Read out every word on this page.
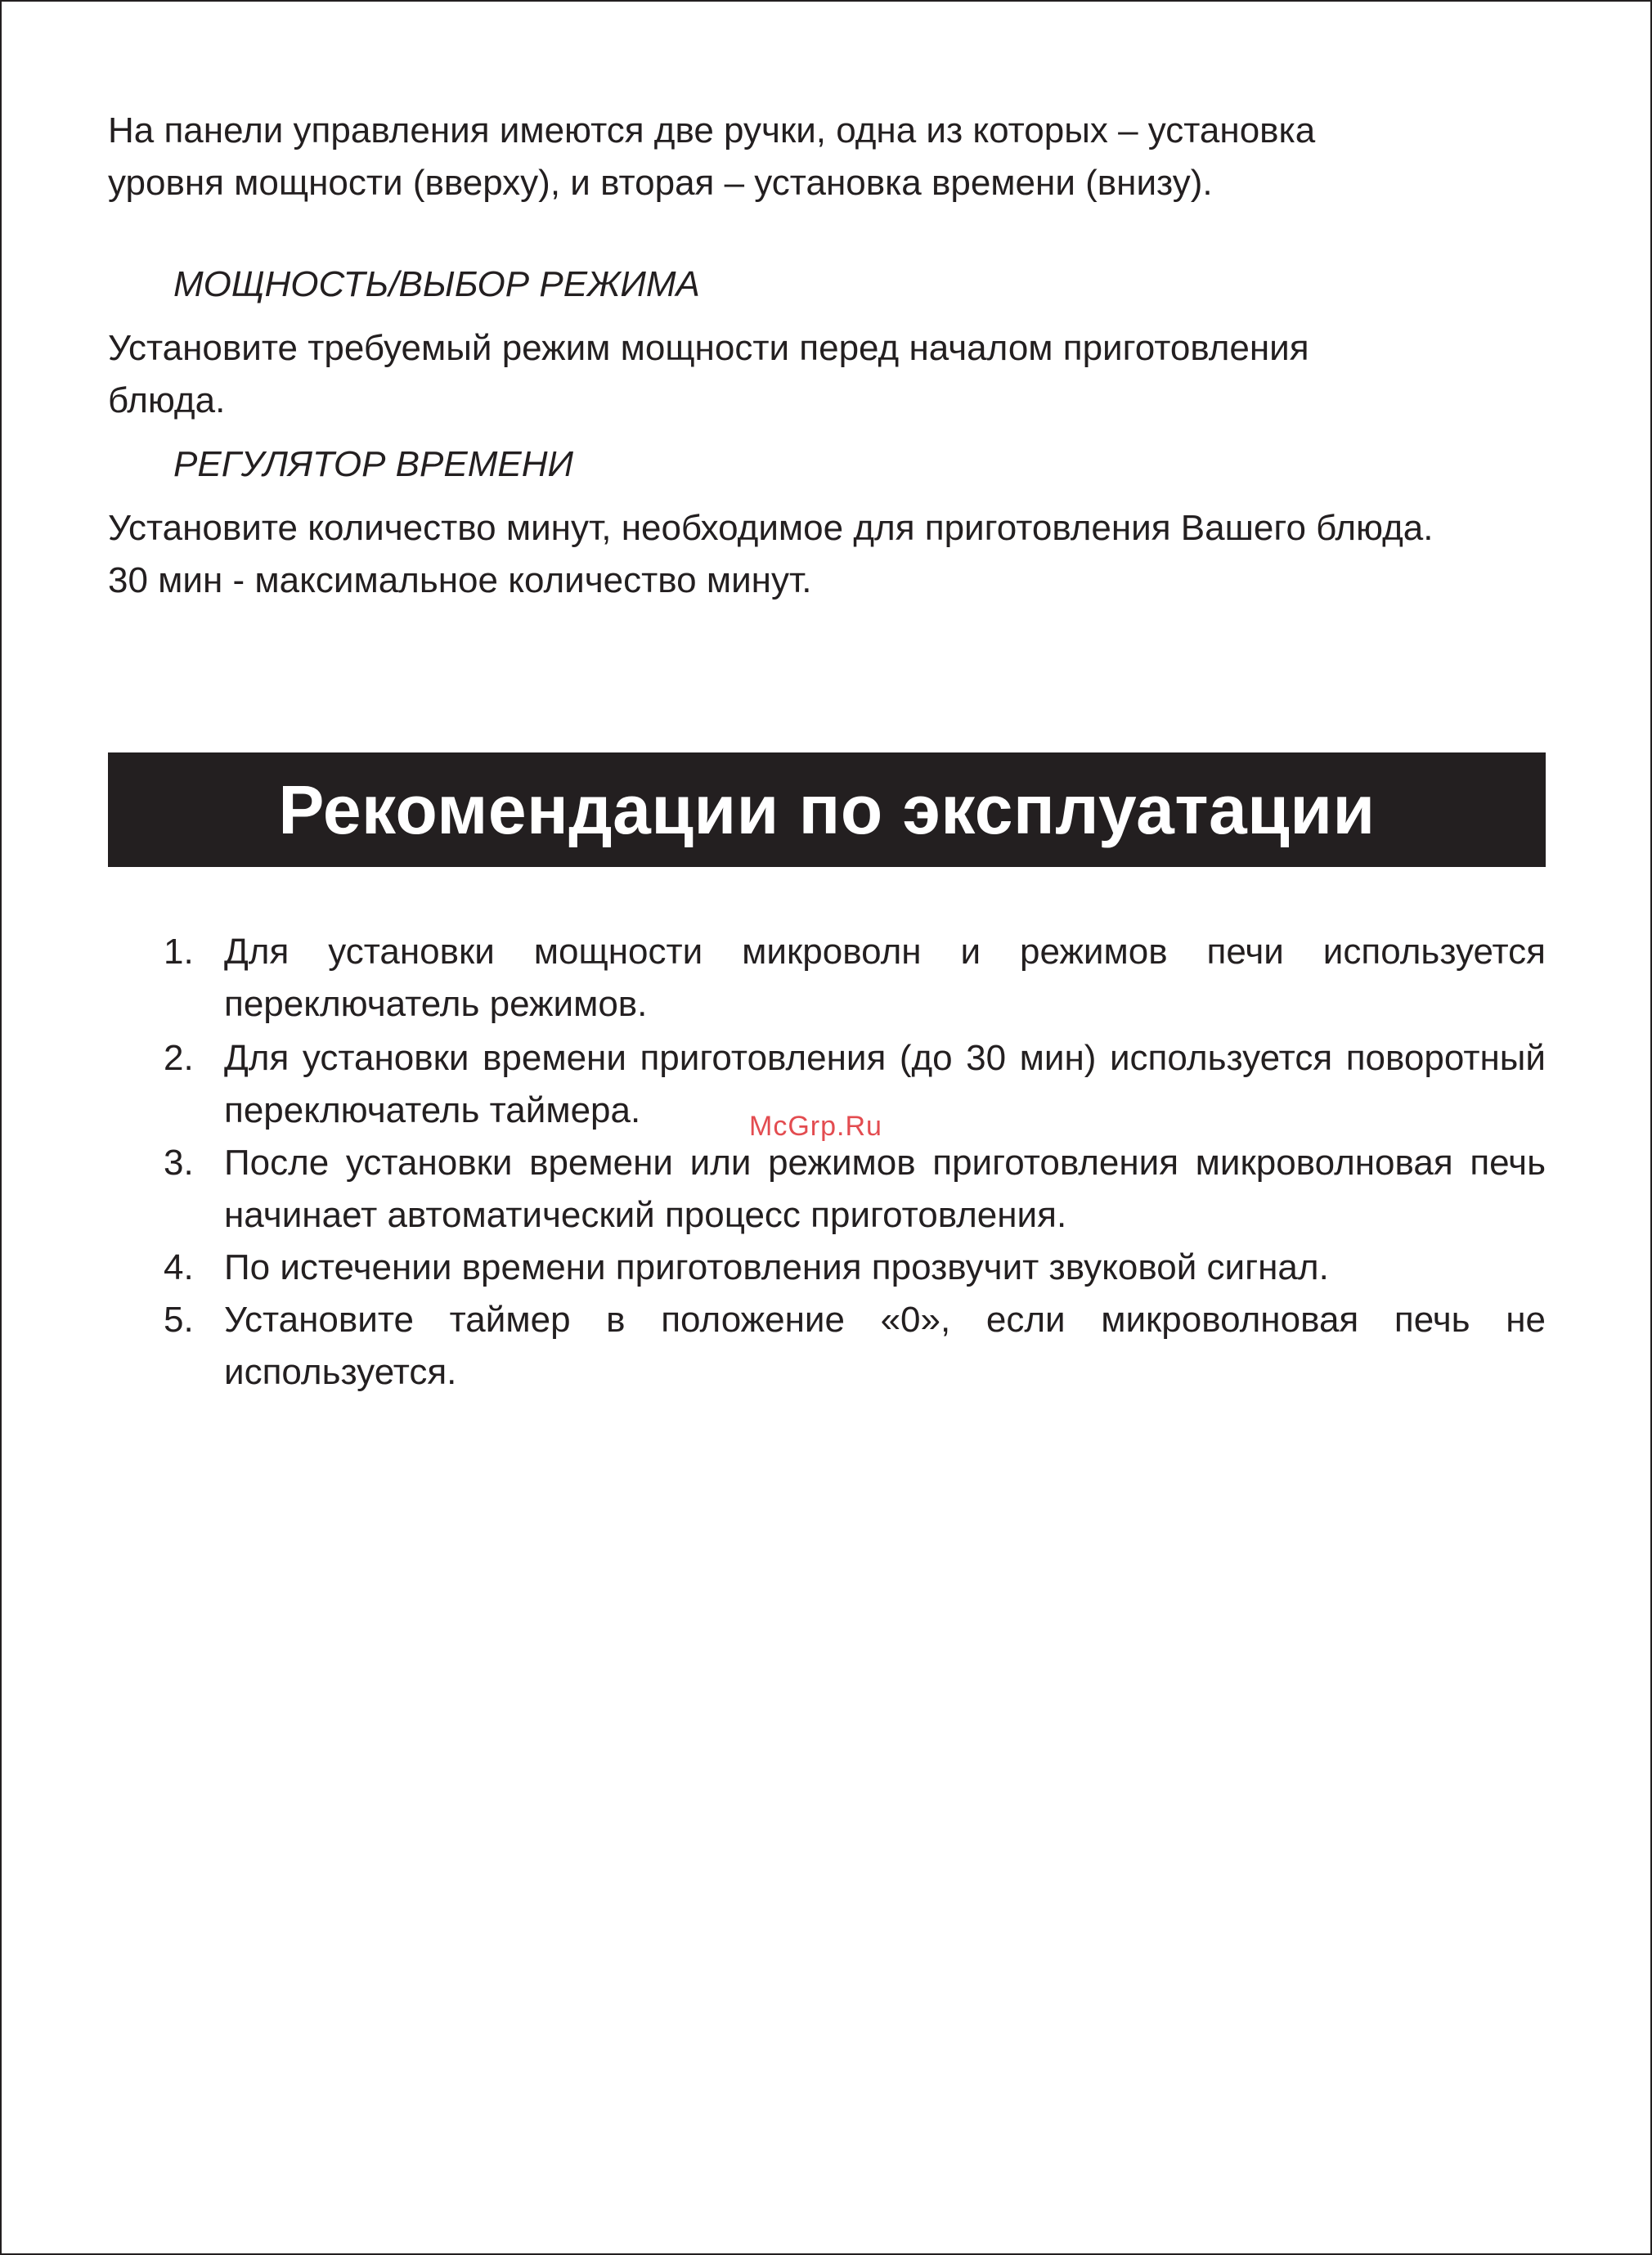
На панели управления имеются две ручки, одна из которых – установка

уровня мощности (вверху), и вторая – установка времени (внизу).

МОЩНОСТЬ/ВЫБОР РЕЖИМА

Установите требуемый режим мощности перед началом приготовления

блюда.

РЕГУЛЯТОР ВРЕМЕНИ

Установите количество минут, необходимое для приготовления Вашего блюда.

30 мин - максимальное количество минут.

Рекомендации по эксплуатации
1. Для установки мощности микроволн и режимов печи используется переключатель режимов.
2. Для установки времени приготовления (до 30 мин) используется поворотный переключатель таймера.
3. После установки времени или режимов приготовления микроволновая печь начинает автоматический процесс приготовления.
4. По истечении времени приготовления прозвучит звуковой сигнал.
5. Установите таймер в положение «0», если микроволновая печь не используется.
McGrp.Ru
